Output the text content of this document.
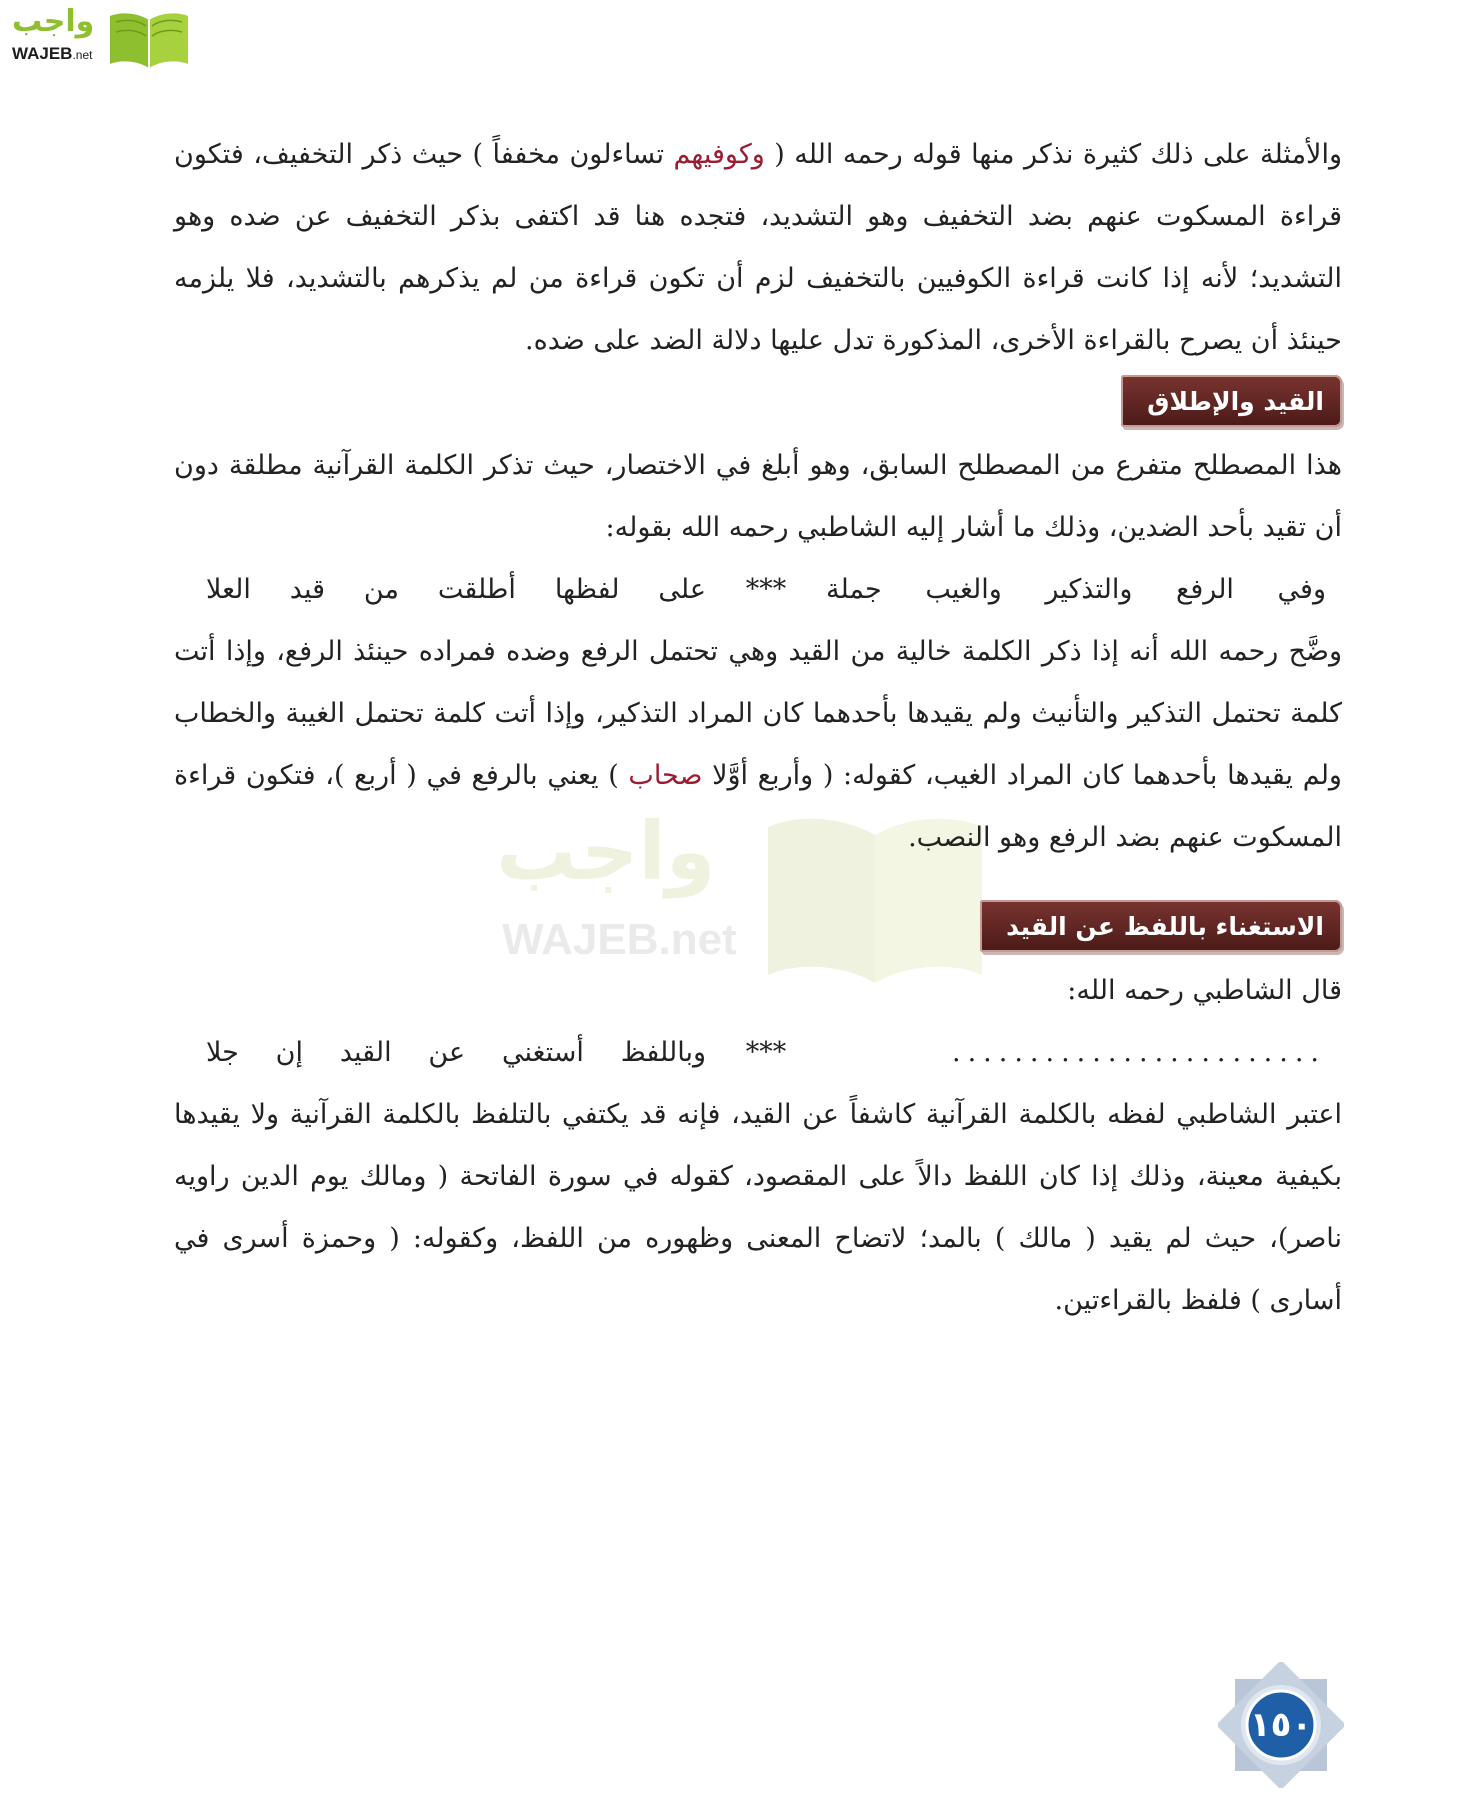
واجب
WAJEB.net
واجب
WAJEB.net

والأمثلة على ذلك كثيرة نذكر منها قوله رحمه الله ( وكوفيهم تساءلون مخففاً ) حيث ذكر التخفيف، فتكون قراءة المسكوت عنهم بضد التخفيف وهو التشديد، فتجده هنا قد اكتفى بذكر التخفيف عن ضده وهو التشديد؛ لأنه إذا كانت قراءة الكوفيين بالتخفيف لزم أن تكون قراءة من لم يذكرهم بالتشديد، فلا يلزمه حينئذ أن يصرح بالقراءة الأخرى، المذكورة تدل عليها دلالة الضد على ضده.

القيد والإطلاق

هذا المصطلح متفرع من المصطلح السابق، وهو أبلغ في الاختصار، حيث تذكر الكلمة القرآنية مطلقة دون أن تقيد بأحد الضدين، وذلك ما أشار إليه الشاطبي رحمه الله بقوله:

وفي الرفع والتذكير والغيب جملة
***
على لفظها أطلقت من قيد العلا

وضَّح رحمه الله أنه إذا ذكر الكلمة خالية من القيد وهي تحتمل الرفع وضده فمراده حينئذ الرفع، وإذا أتت كلمة تحتمل التذكير والتأنيث ولم يقيدها بأحدهما كان المراد التذكير، وإذا أتت كلمة تحتمل الغيبة والخطاب ولم يقيدها بأحدهما كان المراد الغيب، كقوله: ( وأربع أوَّلا صحاب ) يعني بالرفع في ( أربع )، فتكون قراءة المسكوت عنهم بضد الرفع وهو النصب.

الاستغناء باللفظ عن القيد

قال الشاطبي رحمه الله:

........................
***
وباللفظ أستغني عن القيد إن جلا

اعتبر الشاطبي لفظه بالكلمة القرآنية كاشفاً عن القيد، فإنه قد يكتفي بالتلفظ بالكلمة القرآنية ولا يقيدها بكيفية معينة، وذلك إذا كان اللفظ دالاً على المقصود، كقوله في سورة الفاتحة ( ومالك يوم الدين راويه ناصر)، حيث لم يقيد ( مالك ) بالمد؛ لاتضاح المعنى وظهوره من اللفظ، وكقوله: ( وحمزة أسرى في أسارى ) فلفظ بالقراءتين.

١٥٠
